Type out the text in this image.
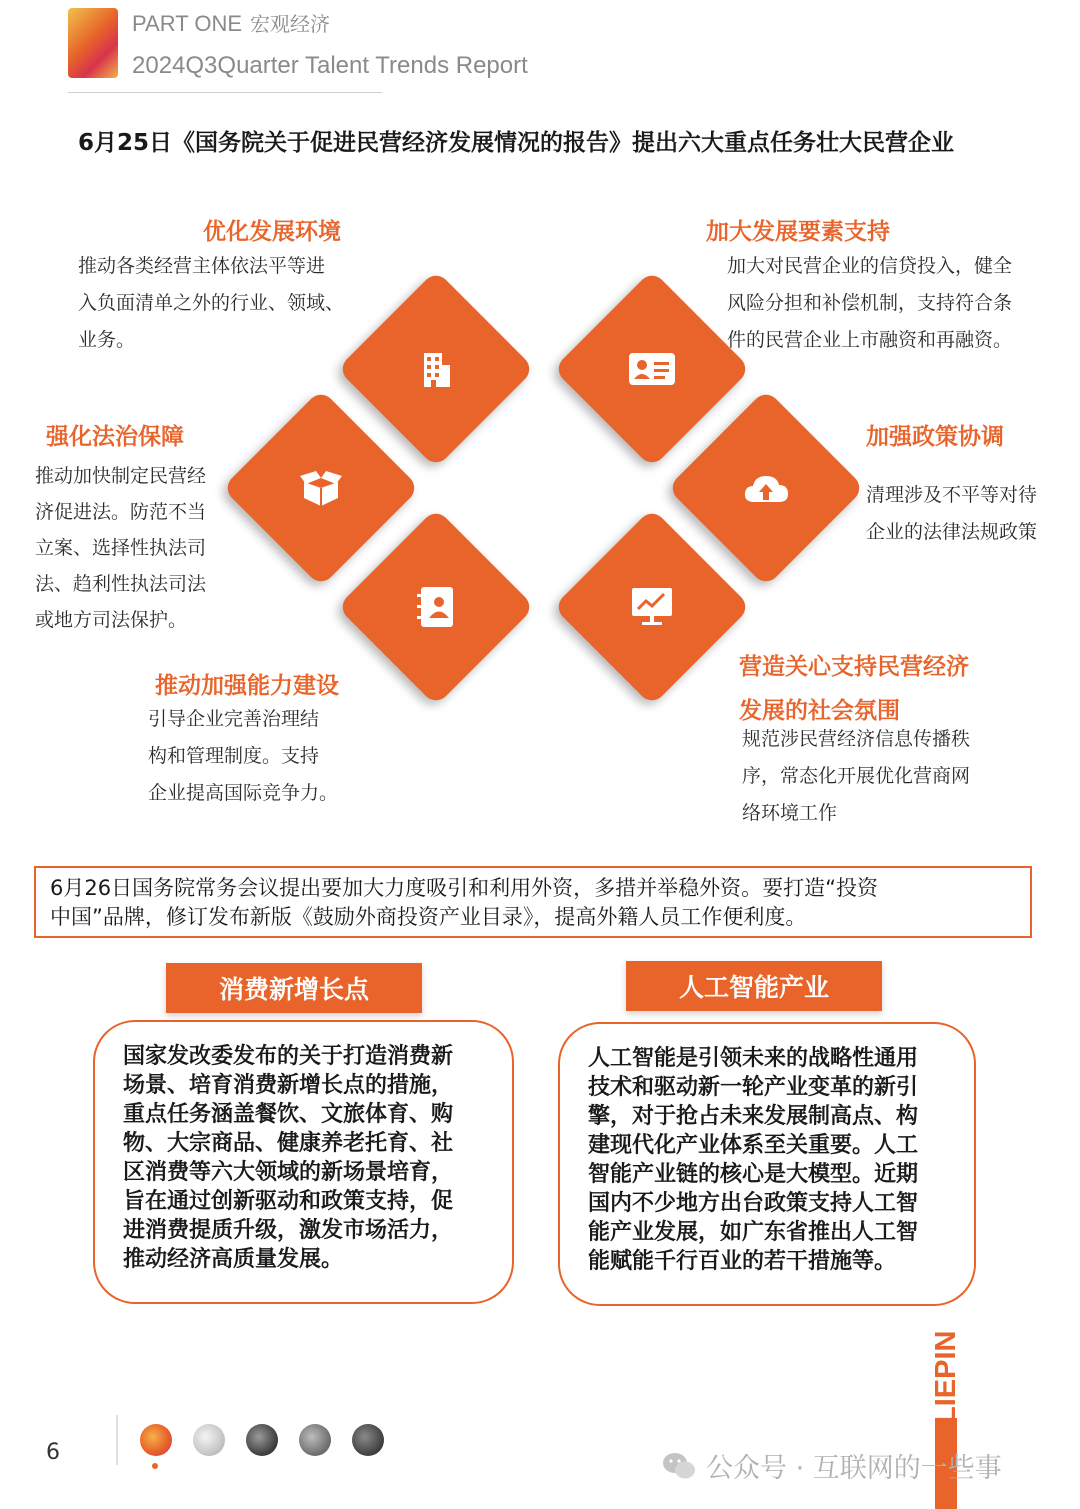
PART ONE 宏观经济
2024Q3Quarter Talent Trends Report
6月25日《国务院关于促进民营经济发展情况的报告》提出六大重点任务壮大民营企业
优化发展环境
推动各类经营主体依法平等进
入负面清单之外的行业、领域、
业务。
加大发展要素支持
加大对民营企业的信贷投入，健全
风险分担和补偿机制，支持符合条
件的民营企业上市融资和再融资。
强化法治保障
推动加快制定民营经
济促进法。防范不当
立案、选择性执法司
法、趋利性执法司法
或地方司法保护。
加强政策协调
清理涉及不平等对待
企业的法律法规政策
推动加强能力建设
引导企业完善治理结
构和管理制度。支持
企业提高国际竞争力。
营造关心支持民营经济
发展的社会氛围
规范涉民营经济信息传播秩
序，常态化开展优化营商网
络环境工作
6月26日国务院常务会议提出要加大力度吸引和利用外资，多措并举稳外资。要打造“投资
中国”品牌，修订发布新版《鼓励外商投资产业目录》，提高外籍人员工作便利度。
国家发改委发布的关于打造消费新
场景、培育消费新增长点的措施，
重点任务涵盖餐饮、文旅体育、购
物、大宗商品、健康养老托育、社
区消费等六大领域的新场景培育，
旨在通过创新驱动和政策支持，促
进消费提质升级，激发市场活力，
推动经济高质量发展。
消费新增长点
人工智能是引领未来的战略性通用
技术和驱动新一轮产业变革的新引
擎，对于抢占未来发展制高点、构
建现代化产业体系至关重要。人工
智能产业链的核心是大模型。近期
国内不少地方出台政策支持人工智
能产业发展，如广东省推出人工智
能赋能千行百业的若干措施等。
人工智能产业
6
LIEPIN
公众号 · 互联网的一些事
